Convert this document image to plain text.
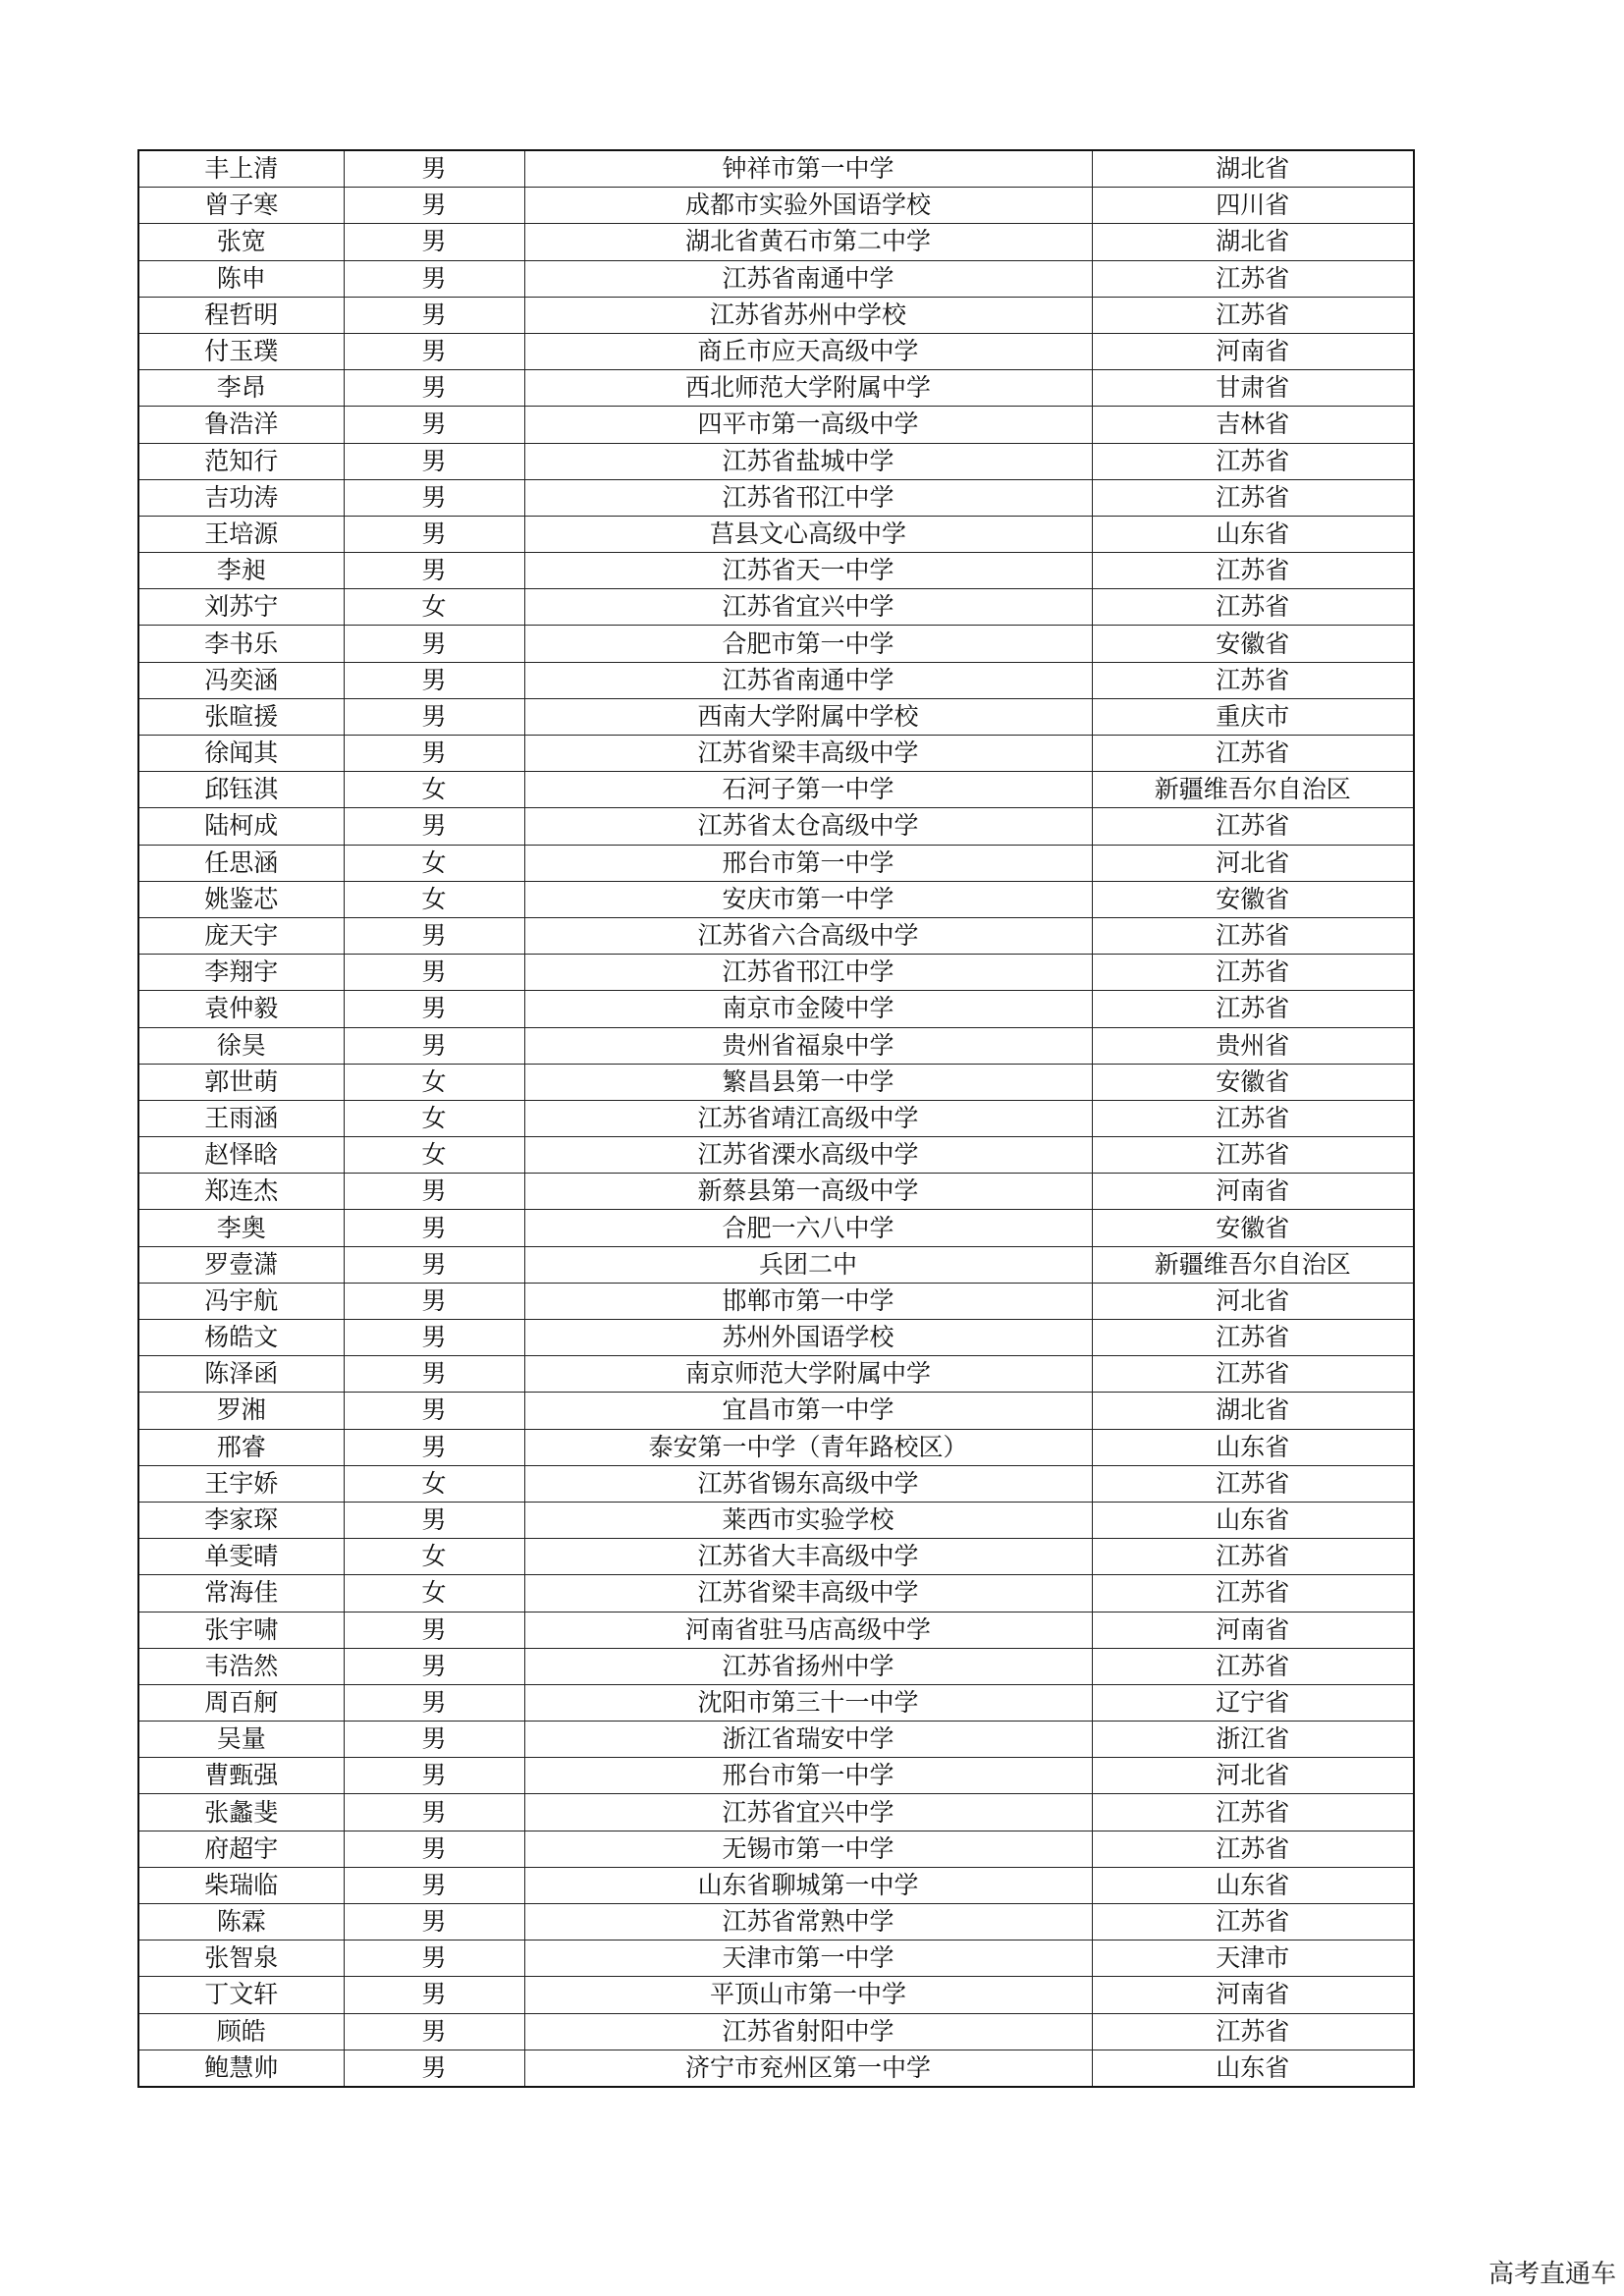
丰上清	男	钟祥市第一中学	湖北省
曾子寒	男	成都市实验外国语学校	四川省
张宽	男	湖北省黄石市第二中学	湖北省
陈申	男	江苏省南通中学	江苏省
程哲明	男	江苏省苏州中学校	江苏省
付玉璞	男	商丘市应天高级中学	河南省
李昂	男	西北师范大学附属中学	甘肃省
鲁浩洋	男	四平市第一高级中学	吉林省
范知行	男	江苏省盐城中学	江苏省
吉功涛	男	江苏省邗江中学	江苏省
王培源	男	莒县文心高级中学	山东省
李昶	男	江苏省天一中学	江苏省
刘苏宁	女	江苏省宜兴中学	江苏省
李书乐	男	合肥市第一中学	安徽省
冯奕涵	男	江苏省南通中学	江苏省
张暄援	男	西南大学附属中学校	重庆市
徐闻其	男	江苏省梁丰高级中学	江苏省
邱钰淇	女	石河子第一中学	新疆维吾尔自治区
陆柯成	男	江苏省太仓高级中学	江苏省
任思涵	女	邢台市第一中学	河北省
姚鉴芯	女	安庆市第一中学	安徽省
庞天宇	男	江苏省六合高级中学	江苏省
李翔宇	男	江苏省邗江中学	江苏省
袁仲毅	男	南京市金陵中学	江苏省
徐昊	男	贵州省福泉中学	贵州省
郭世萌	女	繁昌县第一中学	安徽省
王雨涵	女	江苏省靖江高级中学	江苏省
赵怿晗	女	江苏省溧水高级中学	江苏省
郑连杰	男	新蔡县第一高级中学	河南省
李奥	男	合肥一六八中学	安徽省
罗壹潇	男	兵团二中	新疆维吾尔自治区
冯宇航	男	邯郸市第一中学	河北省
杨皓文	男	苏州外国语学校	江苏省
陈泽函	男	南京师范大学附属中学	江苏省
罗湘	男	宜昌市第一中学	湖北省
邢睿	男	泰安第一中学（青年路校区）	山东省
王宇娇	女	江苏省锡东高级中学	江苏省
李家琛	男	莱西市实验学校	山东省
单雯晴	女	江苏省大丰高级中学	江苏省
常海佳	女	江苏省梁丰高级中学	江苏省
张宇啸	男	河南省驻马店高级中学	河南省
韦浩然	男	江苏省扬州中学	江苏省
周百舸	男	沈阳市第三十一中学	辽宁省
吴量	男	浙江省瑞安中学	浙江省
曹甄强	男	邢台市第一中学	河北省
张蠡斐	男	江苏省宜兴中学	江苏省
府超宇	男	无锡市第一中学	江苏省
柴瑞临	男	山东省聊城第一中学	山东省
陈霖	男	江苏省常熟中学	江苏省
张智泉	男	天津市第一中学	天津市
丁文轩	男	平顶山市第一中学	河南省
顾皓	男	江苏省射阳中学	江苏省
鲍慧帅	男	济宁市兖州区第一中学	山东省
高考直通车
